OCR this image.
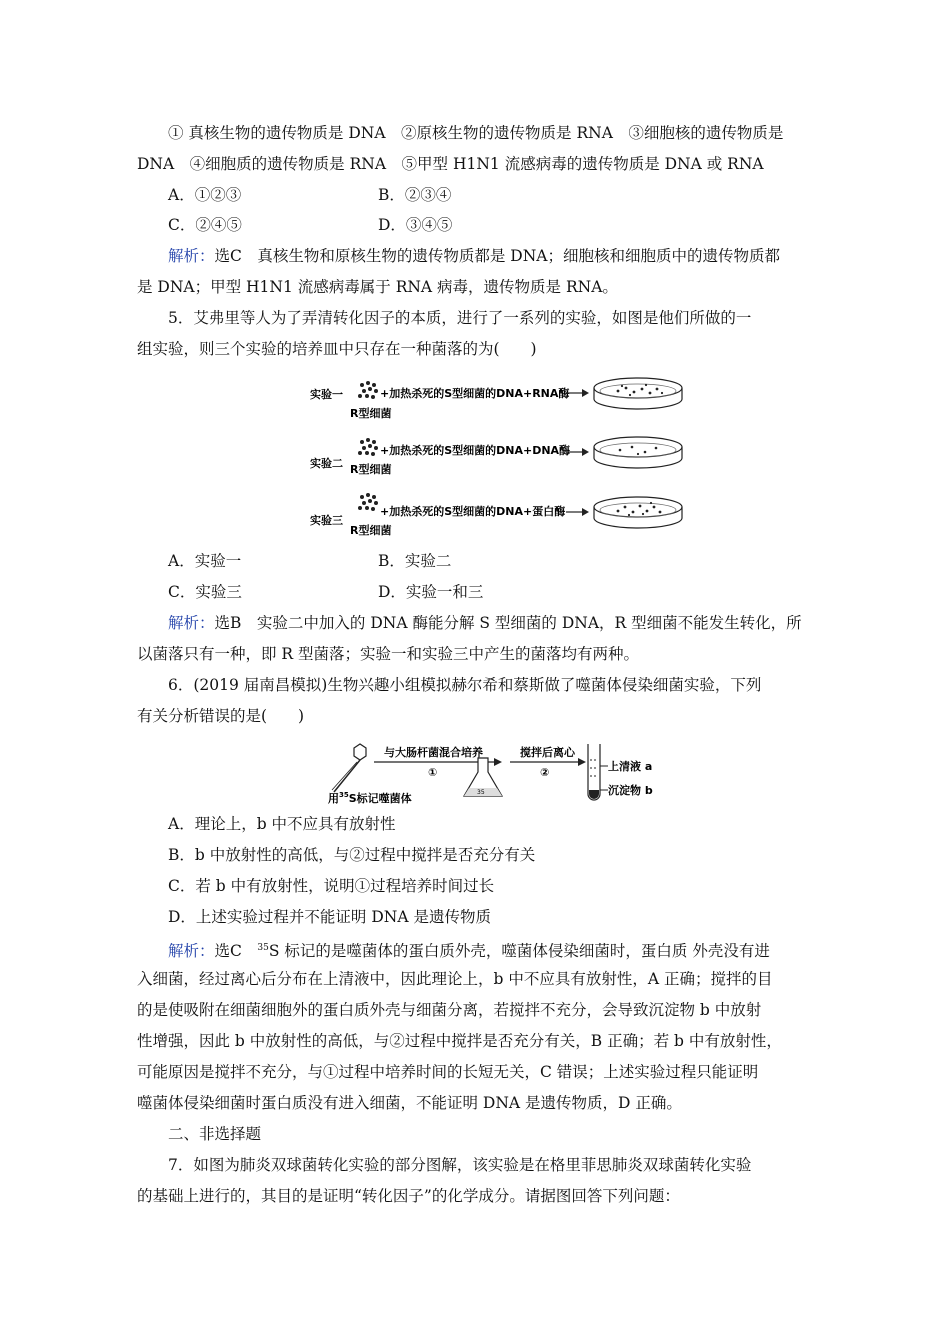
① 真核生物的遗传物质是 DNA　②原核生物的遗传物质是 RNA　③细胞核的遗传物质是
DNA　④细胞质的遗传物质是 RNA　⑤甲型 H1N1 流感病毒的遗传物质是 DNA 或 RNA
A．①②③	B．②③④
C．②④⑤	D．③④⑤
解析：选C　真核生物和原核生物的遗传物质都是 DNA；细胞核和细胞质中的遗传物质都
是 DNA；甲型 H1N1 流感病毒属于 RNA 病毒，遗传物质是 RNA。
5．艾弗里等人为了弄清转化因子的本质，进行了一系列的实验，如图是他们所做的一
组实验，则三个实验的培养皿中只存在一种菌落的为(　　)
实验一	+加热杀死的S型细菌的DNA+RNA酶
R型细菌
+加热杀死的S型细菌的DNA+DNA酶
实验二 R型细菌
+加热杀死的S型细菌的DNA+蛋白酶
实验三
R型细菌
A．实验一	B．实验二
C．实验三	D．实验一和三
解析：选B　实验二中加入的 DNA 酶能分解 S 型细菌的 DNA，R 型细菌不能发生转化，所
以菌落只有一种，即 R 型菌落；实验一和实验三中产生的菌落均有两种。
6．(2019 届南昌模拟)生物兴趣小组模拟赫尔希和蔡斯做了噬菌体侵染细菌实验，下列
有关分析错误的是(　　)
与大肠杆菌混合培养
①
用$^{35}$S标记噬菌体	35
搅拌后离心
②	上清液 a
沉淀物 b
A．理论上，b 中不应具有放射性
B．b 中放射性的高低，与②过程中搅拌是否充分有关
C．若 b 中有放射性，说明①过程培养时间过长
D．上述实验过程并不能证明 DNA 是遗传物质
解析：选C　$^{35}$S 标记的是噬菌体的蛋白质外壳，噬菌体侵染细菌时，蛋白质 外壳没有进
入细菌，经过离心后分布在上清液中，因此理论上，b 中不应具有放射性，A 正确；搅拌的目
的是使吸附在细菌细胞外的蛋白质外壳与细菌分离，若搅拌不充分，会导致沉淀物 b 中放射
性增强，因此 b 中放射性的高低，与②过程中搅拌是否充分有关，B 正确；若 b 中有放射性，
可能原因是搅拌不充分，与①过程中培养时间的长短无关，C 错误；上述实验过程只能证明
噬菌体侵染细菌时蛋白质没有进入细菌，不能证明 DNA 是遗传物质，D 正确。
二、非选择题
7．如图为肺炎双球菌转化实验的部分图解，该实验是在格里菲思肺炎双球菌转化实验
的基础上进行的，其目的是证明“转化因子”的化学成分。请据图回答下列问题：
